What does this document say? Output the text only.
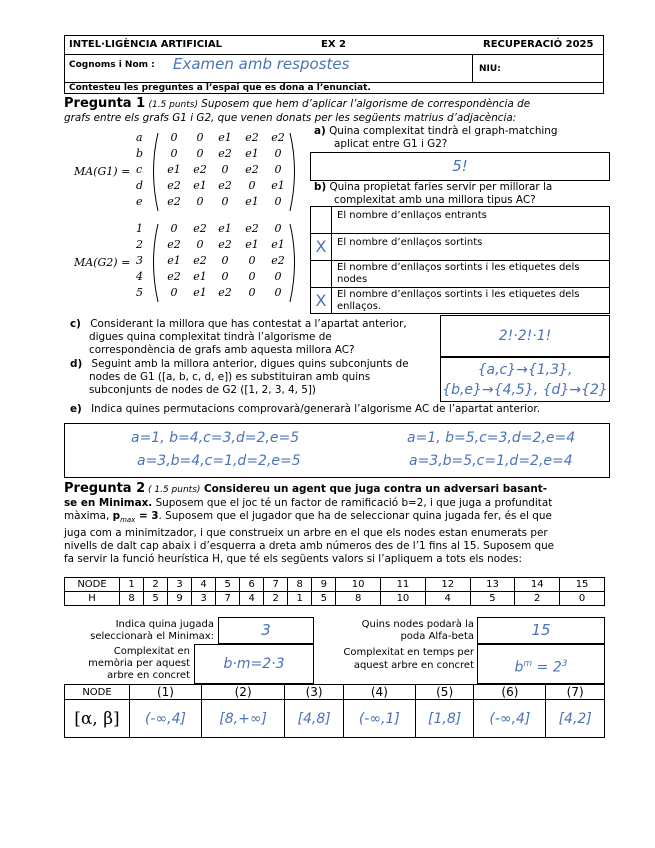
INTEL·LIGÈNCIA ARTIFICIAL	EX 2	RECUPERACIÓ 2025
Cognoms i Nom : Examen amb respostes	NIU:
Contesteu les preguntes a l’espai que es dona a l’enunciat.
Pregunta 1 (1.5 punts) Suposem que hem d’aplicar l’algorisme de correspondència de
grafs entre els grafs G1 i G2, que venen donats per les següents matrius d’adjacència:
MA(G1) =
a	0	0	e1	e2	e2
b	0	0	e2	e1	0
c	e1	e2	0	e2	0
d	e2	e1	e2	0	e1
e	e2	0	0	e1	0
MA(G2) =
1	0	e2	e1	e2	0
2	e2	0	e2	e1	e1
3	e1	e2	0	0	e2
4	e2	e1	0	0	0
5	0	e1	e2	0	0
a) Quina complexitat tindrà el graph-matching
aplicat entre G1 i G2?
5!
b) Quina propietat faries servir per millorar la
complexitat amb una millora tipus AC?
El nombre d’enllaços entrants
X	El nombre d’enllaços sortints
El nombre d’enllaços sortints i les etiquetes dels
nodes
X	El nombre d’enllaços sortints i les etiquetes dels
enllaços.
c) Considerant la millora que has contestat a l’apartat anterior,
digues quina complexitat tindrà l’algorisme de
correspondència de grafs amb aquesta millora AC?
2!·2!·1!
d) Seguint amb la millora anterior, digues quins subconjunts de
nodes de G1 ([a, b, c, d, e]) es substituiran amb quins
subconjunts de nodes de G2 ([1, 2, 3, 4, 5])
{a,c}→{1,3},
{b,e}→{4,5}, {d}→{2}
e) Indica quines permutacions comprovarà/generarà l’algorisme AC de l’apartat anterior.
a=1, b=4,c=3,d=2,e=5	a=1, b=5,c=3,d=2,e=4
a=3,b=4,c=1,d=2,e=5	a=3,b=5,c=1,d=2,e=4
Pregunta 2 ( 1.5 punts) Considereu un agent que juga contra un adversari basant-
se en Minimax. Suposem que el joc té un factor de ramificació b=2, i que juga a profunditat
màxima, $p_{max} = 3$. Suposem que el jugador que ha de seleccionar quina jugada fer, és el que
juga com a minimitzador, i que construeix un arbre en el que els nodes estan enumerats per
nivells de dalt cap abaix i d’esquerra a dreta amb números des de l’1 fins al 15. Suposem que
fa servir la funció heurística H, que té els següents valors si l’apliquem a tots els nodes:
NODE	1	2	3	4	5	6	7	8	9	10	11	12	13	14	15
H	8	5	9	3	7	4	2	1	5	8	10	4	5	2	0
Indica quina jugada
seleccionarà el Minimax:	3	Quins nodes podarà la
poda Alfa-beta	15
Complexitat en
memòria per aquest
arbre en concret
b·m=2·3
Complexitat en temps per
aquest arbre en concret	$b^m = 2^3$
NODE	(1)	(2)	(3)	(4)	(5)	(6)	(7)
[α, β]	(-∞,4]	[8,+∞]	[4,8]	(-∞,1]	[1,8]	(-∞,4]	[4,2]
